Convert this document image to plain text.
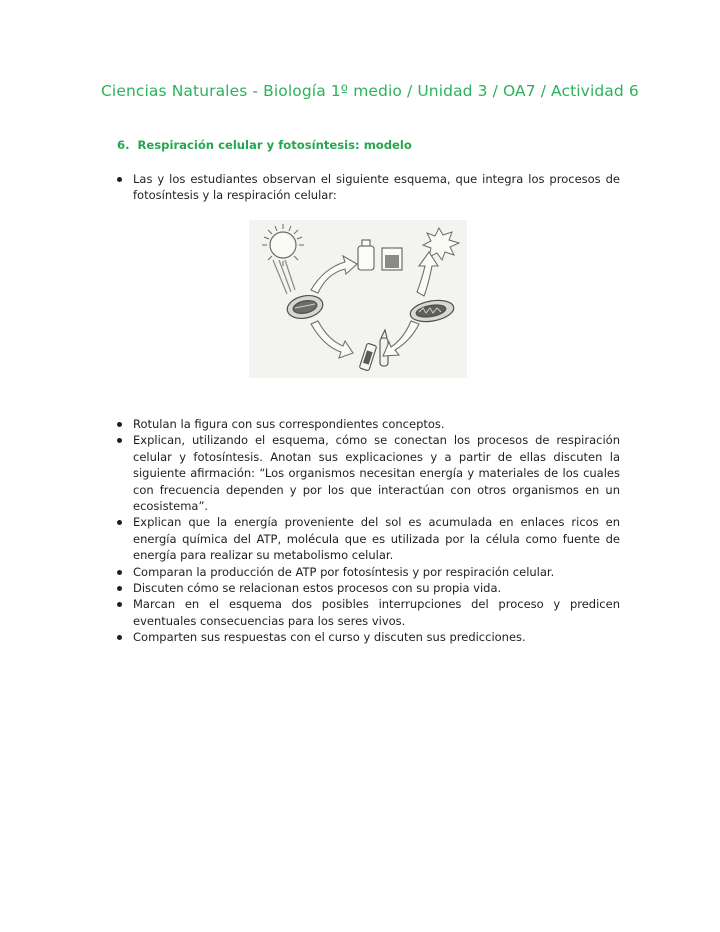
Ciencias Naturales - Biología 1º medio / Unidad 3 / OA7 / Actividad 6
6. Respiración celular y fotosíntesis: modelo
Las y los estudiantes observan el siguiente esquema, que integra los procesos de fotosíntesis y la respiración celular:
Rotulan la figura con sus correspondientes conceptos.
Explican, utilizando el esquema, cómo se conectan los procesos de respiración celular y fotosíntesis. Anotan sus explicaciones y a partir de ellas discuten la siguiente afirmación: “Los organismos necesitan energía y materiales de los cuales con frecuencia dependen y por los que interactúan con otros organismos en un ecosistema”.
Explican que la energía proveniente del sol es acumulada en enlaces ricos en energía química del ATP, molécula que es utilizada por la célula como fuente de energía para realizar su metabolismo celular.
Comparan la producción de ATP por fotosíntesis y por respiración celular.
Discuten cómo se relacionan estos procesos con su propia vida.
Marcan en el esquema dos posibles interrupciones del proceso y predicen eventuales consecuencias para los seres vivos.
Comparten sus respuestas con el curso y discuten sus predicciones.
